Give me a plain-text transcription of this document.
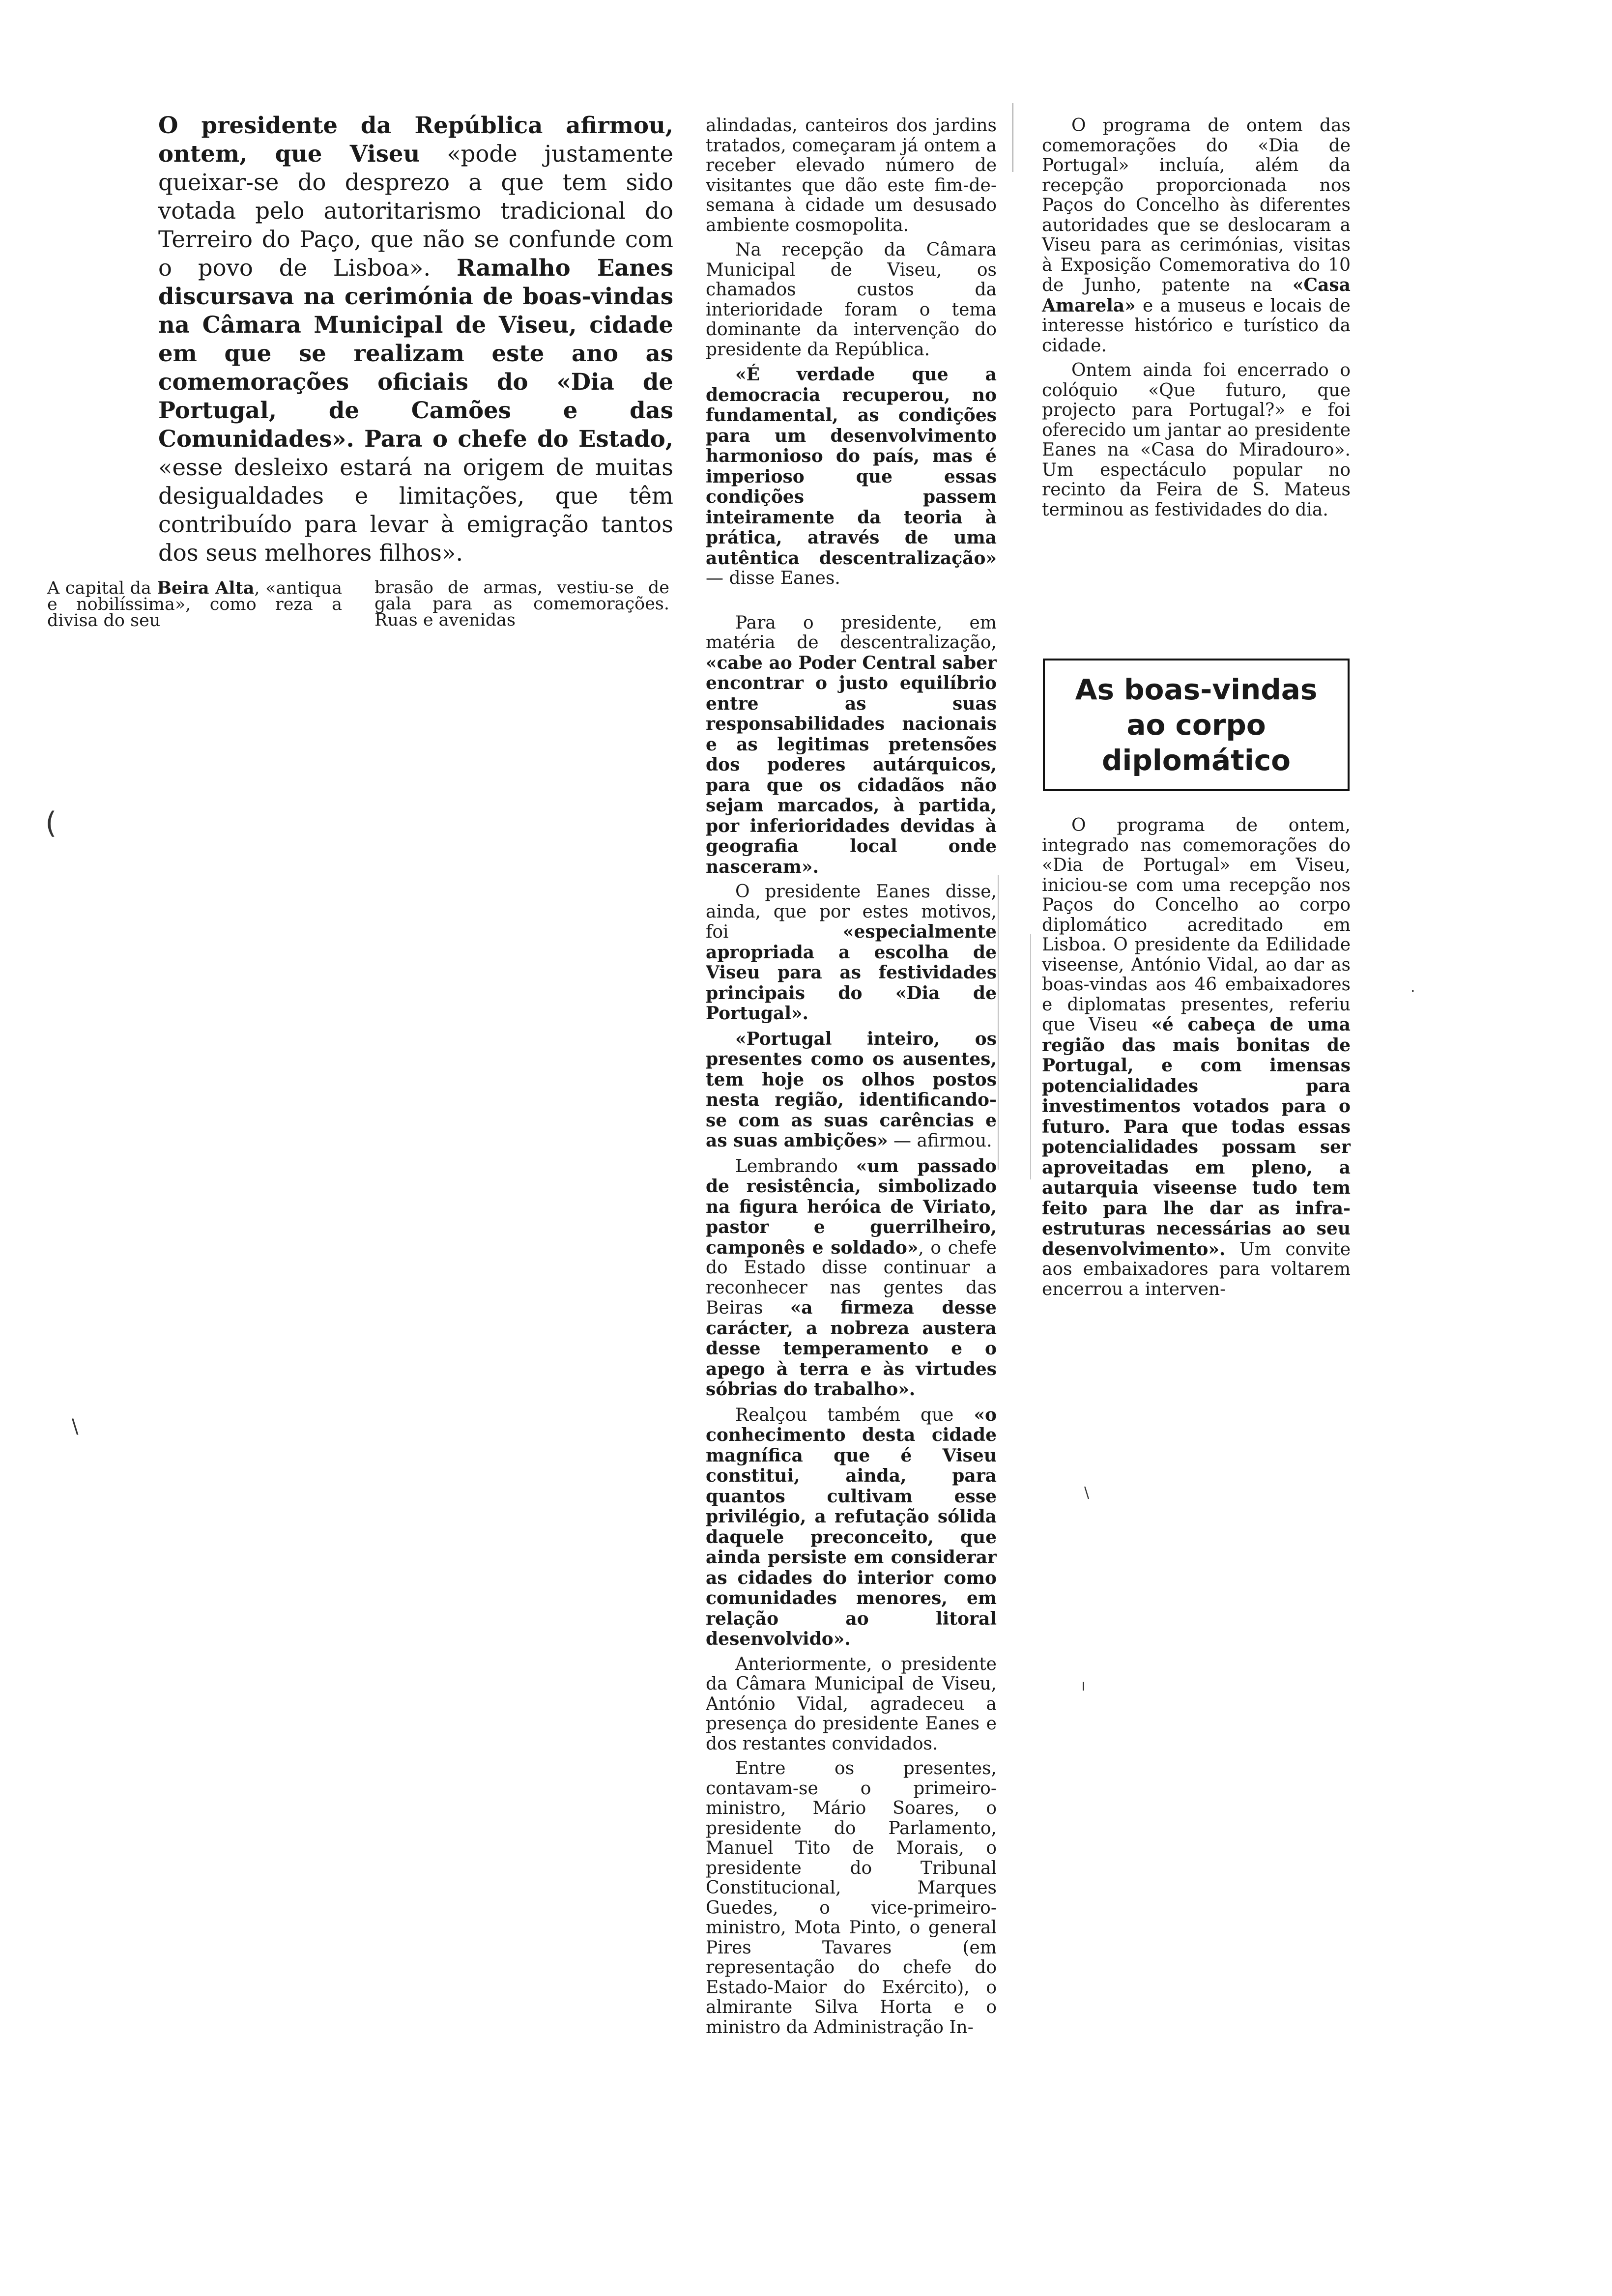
O presidente da República afirmou, ontem, que Viseu «pode justamente queixar-se do desprezo a que tem sido votada pelo autoritarismo tradicional do Terreiro do Paço, que não se confunde com o povo de Lisboa». Ramalho Eanes discursava na cerimónia de boas-vindas na Câmara Municipal de Viseu, cidade em que se realizam este ano as comemorações oficiais do «Dia de Portugal, de Camões e das Comunidades». Para o chefe do Estado, «esse desleixo estará na origem de muitas desigualdades e limitações, que têm contribuído para levar à emigração tantos dos seus melhores filhos».
A capital da Beira Alta, «antiqua e nobilíssima», como reza a divisa do seu
brasão de armas, vestiu-se de gala para as comemorações. Ruas e avenidas

alindadas, canteiros dos jardins tratados, começaram já ontem a receber elevado número de visitantes que dão este fim-de-semana à cidade um desusado ambiente cosmopolita.

Na recepção da Câmara Municipal de Viseu, os chamados custos da interioridade foram o tema dominante da intervenção do presidente da República.

«É verdade que a democracia recuperou, no fundamental, as condições para um desenvolvimento harmonioso do país, mas é imperioso que essas condições passem inteiramente da teoria à prática, através de uma autêntica descentralização» — disse Eanes.

Para o presidente, em matéria de descentralização, «cabe ao Poder Central saber encontrar o justo equilíbrio entre as suas responsabilidades nacionais e as legitimas pretensões dos poderes autárquicos, para que os cidadãos não sejam marcados, à partida, por inferioridades devidas à geografia local onde nasceram».

O presidente Eanes disse, ainda, que por estes motivos, foi «especialmente apropriada a escolha de Viseu para as festividades principais do «Dia de Portugal».

«Portugal inteiro, os presentes como os ausentes, tem hoje os olhos postos nesta região, identificando-se com as suas carências e as suas ambições» — afirmou.

Lembrando «um passado de resistência, simbolizado na figura heróica de Viriato, pastor e guerrilheiro, camponês e soldado», o chefe do Estado disse continuar a reconhecer nas gentes das Beiras «a firmeza desse carácter, a nobreza austera desse temperamento e o apego à terra e às virtudes sóbrias do trabalho».

Realçou também que «o conhecimento desta cidade magnífica que é Viseu constitui, ainda, para quantos cultivam esse privilégio, a refutação sólida daquele preconceito, que ainda persiste em considerar as cidades do interior como comunidades menores, em relação ao litoral desenvolvido».

Anteriormente, o presidente da Câmara Municipal de Viseu, António Vidal, agradeceu a presença do presidente Eanes e dos restantes convidados.

Entre os presentes, contavam-se o primeiro-ministro, Mário Soares, o presidente do Parlamento, Manuel Tito de Morais, o presidente do Tribunal Constitucional, Marques Guedes, o vice-primeiro-ministro, Mota Pinto, o general Pires Tavares (em representação do chefe do Estado-Maior do Exército), o almirante Silva Horta e o ministro da Administração In-

O programa de ontem das comemorações do «Dia de Portugal» incluía, além da recepção proporcionada nos Paços do Concelho às diferentes autoridades que se deslocaram a Viseu para as cerimónias, visitas à Exposição Comemorativa do 10 de Junho, patente na «Casa Amarela» e a museus e locais de interesse histórico e turístico da cidade.

Ontem ainda foi encerrado o colóquio «Que futuro, que projecto para Portugal?» e foi oferecido um jantar ao presidente Eanes na «Casa do Miradouro». Um espectáculo popular no recinto da Feira de S. Mateus terminou as festividades do dia.

As boas-vindas ao corpo diplomático

O programa de ontem, integrado nas comemorações do «Dia de Portugal» em Viseu, iniciou-se com uma recepção nos Paços do Concelho ao corpo diplomático acreditado em Lisboa. O presidente da Edilidade viseense, António Vidal, ao dar as boas-vindas aos 46 embaixadores e diplomatas presentes, referiu que Viseu «é cabeça de uma região das mais bonitas de Portugal, e com imensas potencialidades para investimentos votados para o futuro. Para que todas essas potencialidades possam ser aproveitadas em pleno, a autarquia viseense tudo tem feito para lhe dar as infra-estruturas necessárias ao seu desenvolvimento». Um convite aos embaixadores para voltarem encerrou a interven-

(
\
\
ı
·
